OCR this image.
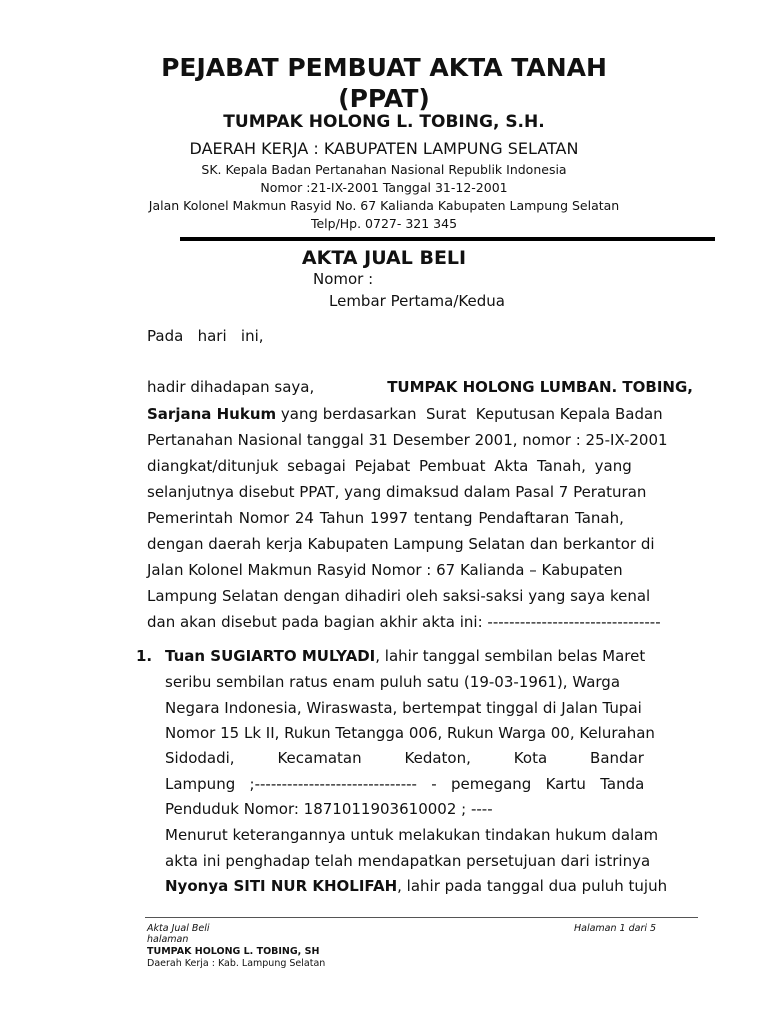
PEJABAT PEMBUAT AKTA TANAH
(PPAT)
TUMPAK HOLONG L. TOBING, S.H.
DAERAH KERJA : KABUPATEN LAMPUNG SELATAN
SK. Kepala Badan Pertanahan Nasional Republik Indonesia
Nomor :21-IX-2001 Tanggal 31-12-2001
Jalan Kolonel Makmun Rasyid No. 67 Kalianda Kabupaten Lampung Selatan
Telp/Hp. 0727- 321 345
AKTA JUAL BELI
Nomor :
Lembar Pertama/Kedua
Pada   hari   ini,
hadir dihadapan saya,	TUMPAK HOLONG LUMBAN. TOBING,
Sarjana Hukum yang berdasarkan  Surat  Keputusan Kepala Badan
Pertanahan Nasional tanggal 31 Desember 2001, nomor : 25-IX-2001
diangkat/ditunjuk sebagai Pejabat Pembuat Akta Tanah, yang
selanjutnya disebut PPAT, yang dimaksud dalam Pasal 7 Peraturan
Pemerintah Nomor 24 Tahun 1997 tentang Pendaftaran Tanah,
dengan daerah kerja Kabupaten Lampung Selatan dan berkantor di
Jalan Kolonel Makmun Rasyid Nomor : 67 Kalianda – Kabupaten
Lampung Selatan dengan dihadiri oleh saksi-saksi yang saya kenal
dan akan disebut pada bagian akhir akta ini: --------------------------------
1. Tuan SUGIARTO MULYADI, lahir tanggal sembilan belas Maret
seribu sembilan ratus enam puluh satu (19-03-1961), Warga
Negara Indonesia, Wiraswasta, bertempat tinggal di Jalan Tupai
Nomor 15 Lk II, Rukun Tetangga 006, Rukun Warga 00, Kelurahan
Sidodadi,         Kecamatan         Kedaton,         Kota         Bandar
Lampung   ;------------------------------   -   pemegang   Kartu   Tanda
Penduduk Nomor: 1871011903610002 ; ----
Menurut keterangannya untuk melakukan tindakan hukum dalam
akta ini penghadap telah mendapatkan persetujuan dari istrinya
Nyonya SITI NUR KHOLIFAH, lahir pada tanggal dua puluh tujuh
Akta Jual Beli	Halaman 1 dari 5
halaman
TUMPAK HOLONG L. TOBING, SH
Daerah Kerja : Kab. Lampung Selatan
